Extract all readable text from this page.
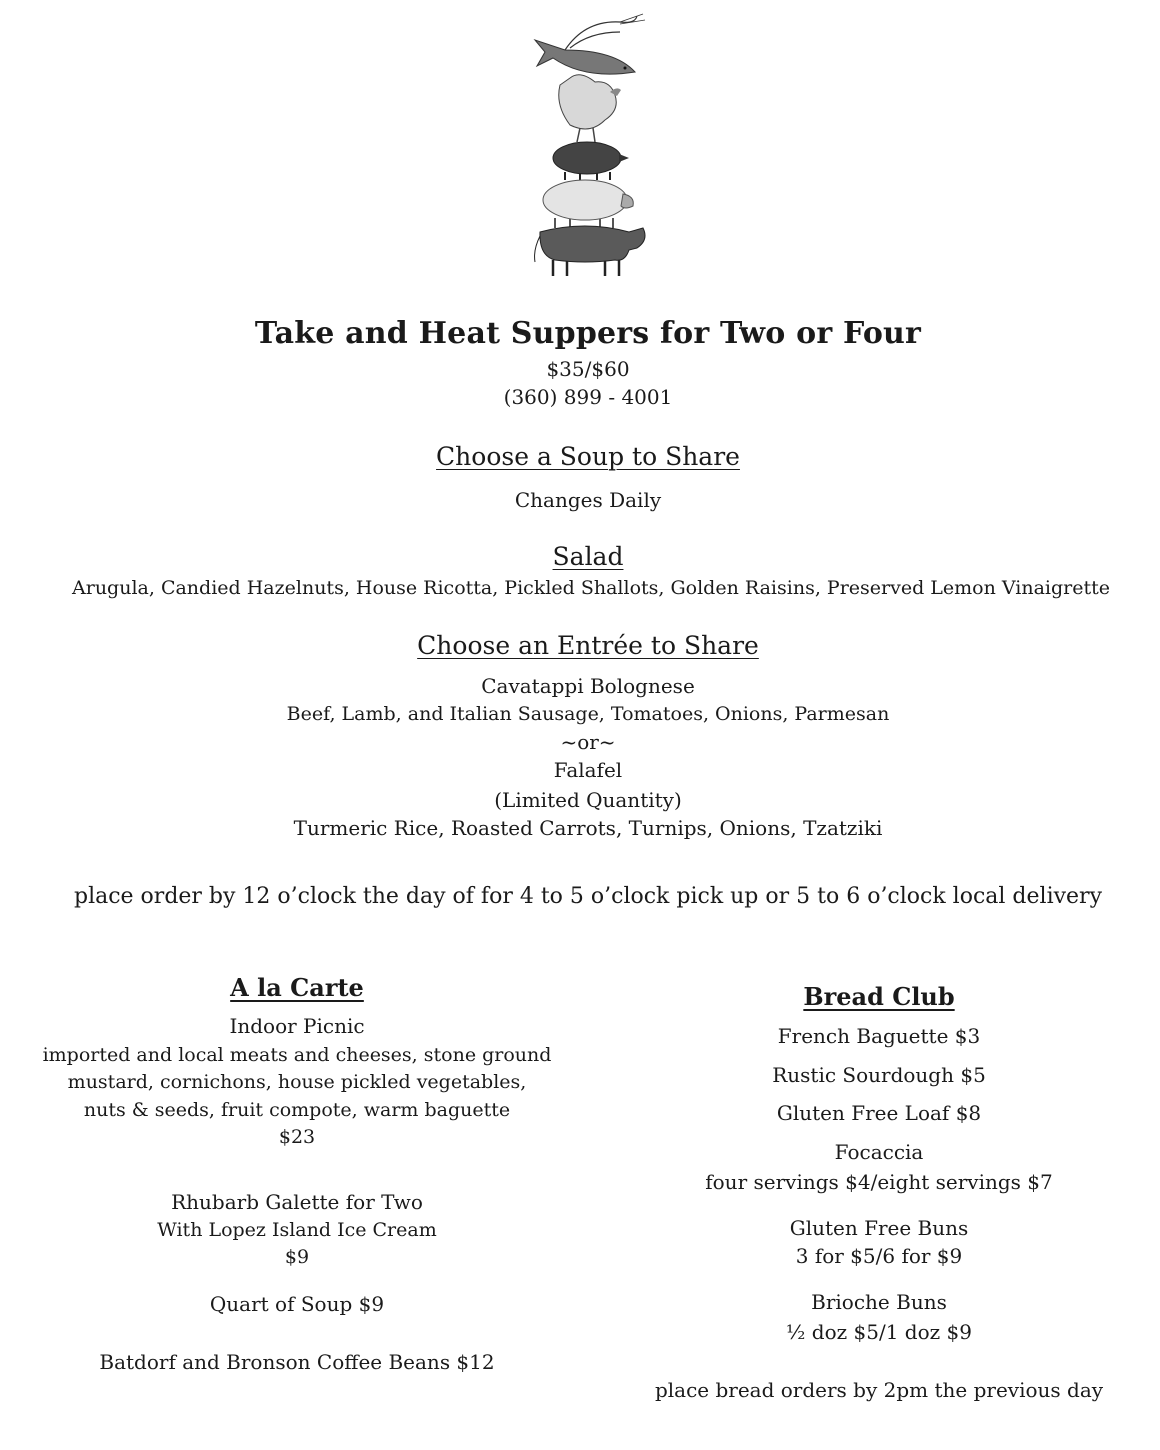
Take and Heat Suppers for Two or Four
$35/$60
(360) 899 - 4001
Choose a Soup to Share
Changes Daily
Salad
Arugula, Candied Hazelnuts, House Ricotta, Pickled Shallots, Golden Raisins, Preserved Lemon Vinaigrette
Choose an Entrée to Share
Cavatappi Bolognese
Beef, Lamb, and Italian Sausage, Tomatoes, Onions, Parmesan
~or~
Falafel
(Limited Quantity)
Turmeric Rice, Roasted Carrots, Turnips, Onions, Tzatziki
place order by 12 o’clock the day of for 4 to 5 o’clock pick up or 5 to 6 o’clock local delivery
A la Carte
Indoor Picnic
imported and local meats and cheeses, stone ground
mustard, cornichons, house pickled vegetables,
nuts & seeds, fruit compote, warm baguette
$23
Rhubarb Galette for Two
With Lopez Island Ice Cream
$9
Quart of Soup $9
Batdorf and Bronson Coffee Beans $12
Bread Club
French Baguette $3
Rustic Sourdough $5
Gluten Free Loaf $8
Focaccia
four servings $4/eight servings $7
Gluten Free Buns
3 for $5/6 for $9
Brioche Buns
½ doz $5/1 doz $9
place bread orders by 2pm the previous day
